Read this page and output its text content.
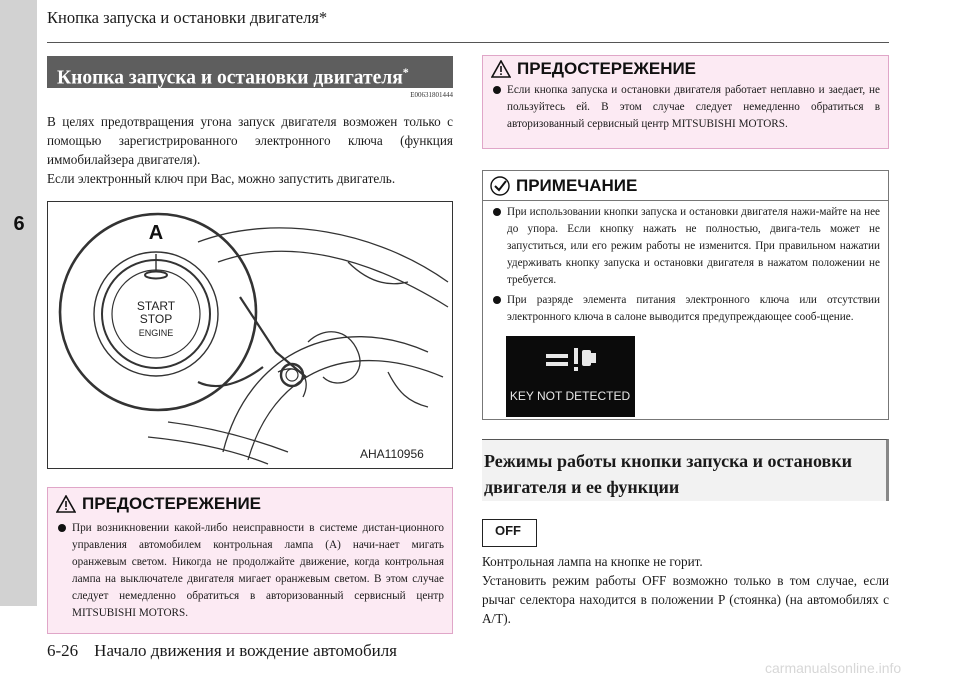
6
Кнопка запуска и остановки двигателя*
Кнопка запуска и остановки двигателя*
E00631801444

В целях предотвращения угона запуск двигателя возможен только с помощью зарегистрированного электронного ключа (функция иммобилайзера двигателя).

Если электронный ключ при Вас, можно запустить двигатель.

A
START
STOP
ENGINE
AHA110956
ПРЕДОСТЕРЕЖЕНИЕ
При возникновении какой-либо неисправности в системе дистан-ционного управления автомобилем контрольная лампа (A) начи-нает мигать оранжевым светом. Никогда не продолжайте движение, когда контрольная лампа на выключателе двигателя мигает оранжевым светом. В этом случае следует немедленно обратиться в авторизованный сервисный центр MITSUBISHI MOTORS.
ПРЕДОСТЕРЕЖЕНИЕ
Если кнопка запуска и остановки двигателя работает неплавно и заедает, не пользуйтесь ей. В этом случае следует немедленно обратиться в авторизованный сервисный центр MITSUBISHI MOTORS.
ПРИМЕЧАНИЕ
При использовании кнопки запуска и остановки двигателя нажи-майте на нее до упора. Если кнопку нажать не полностью, двига-тель может не запуститься, или его режим работы не изменится. При правильном нажатии удерживать кнопку запуска и остановки двигателя в нажатом положении не требуется.
При разряде элемента питания электронного ключа или отсутствии электронного ключа в салоне выводится предупреждающее сооб-щение.
KEY NOT DETECTED
Режимы работы кнопки запуска и остановки двигателя и ее функции
OFF

Контрольная лампа на кнопке не горит.

Установить режим работы OFF возможно только в том случае, если рычаг селектора находится в положении P (стоянка) (на автомобилях с A/T).

6-26 Начало движения и вождение автомобиля
carmanualsonline.info
